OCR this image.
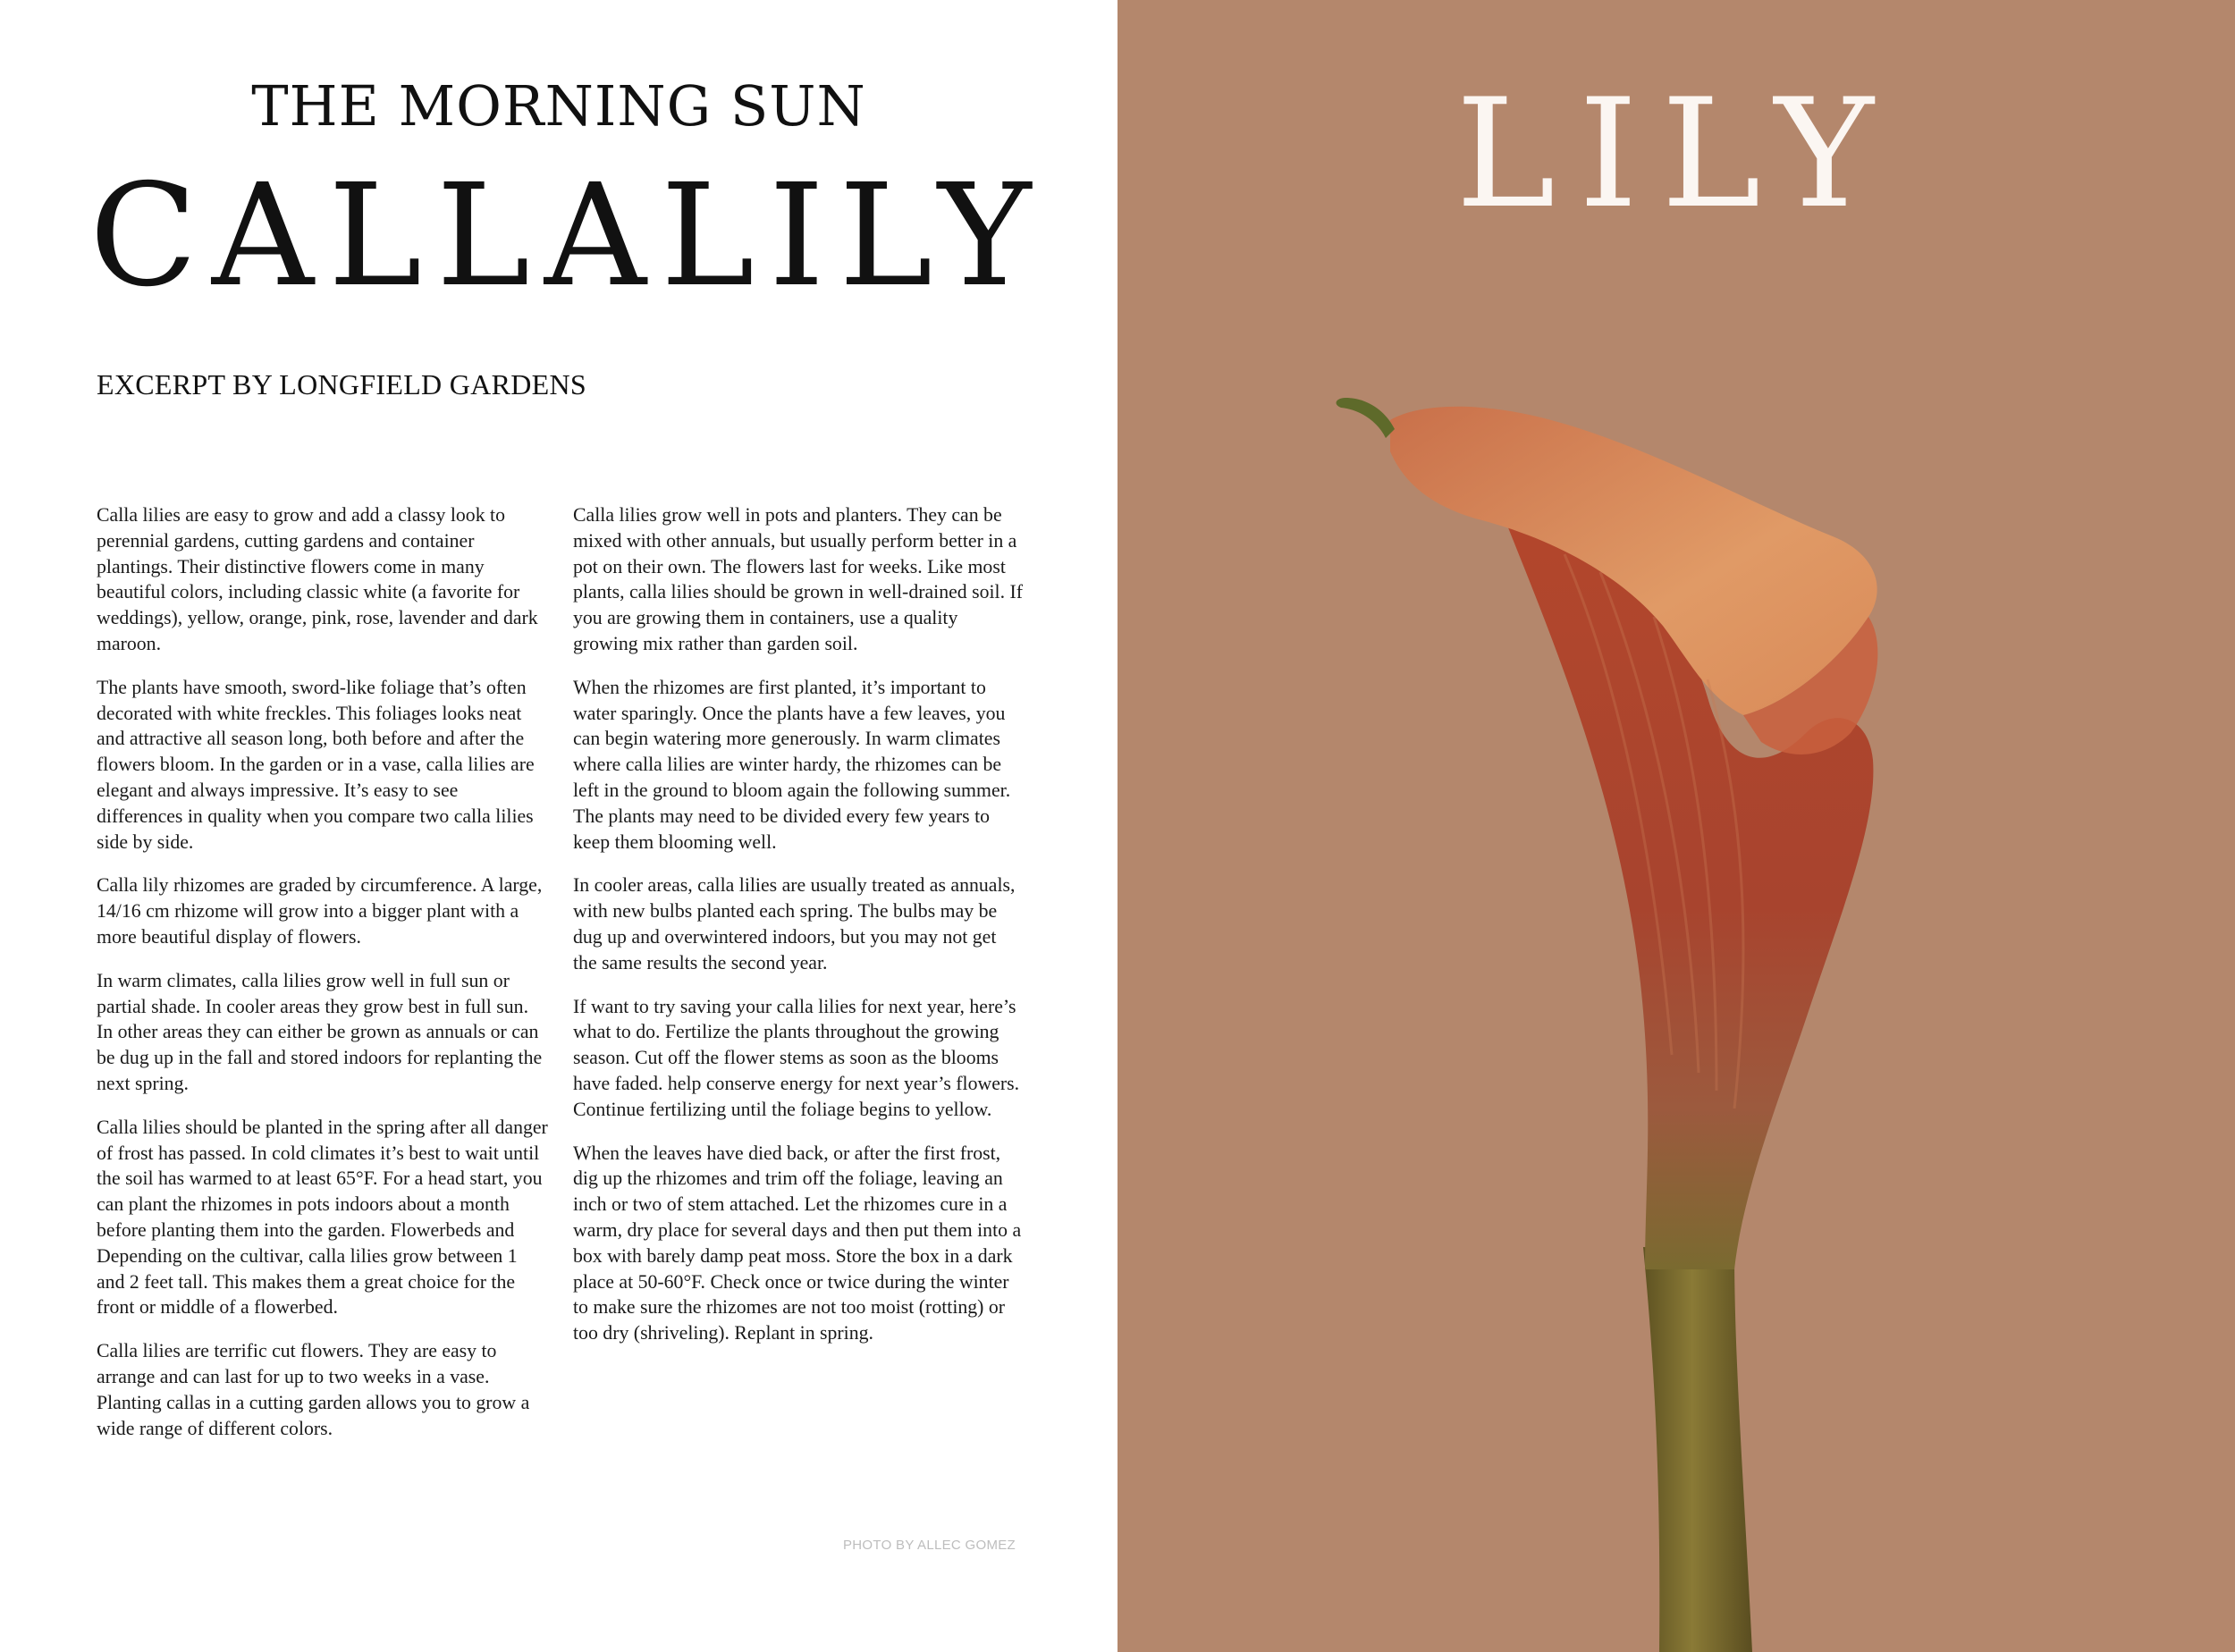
THE MORNING SUN
CALLALILY

EXCERPT BY LONGFIELD GARDENS

Calla lilies are easy to grow and add a classy look to perennial gardens, cutting gardens and container plantings. Their distinctive flowers come in many beautiful colors, including classic white (a favorite for weddings), yellow, orange, pink, rose, lavender and dark maroon.

The plants have smooth, sword-like foliage that’s often decorated with white freckles. This foliages looks neat and attractive all season long, both before and after the flowers bloom. In the garden or in a vase, calla lilies are elegant and always impressive. It’s easy to see differences in quality when you compare two calla lilies side by side.

Calla lily rhizomes are graded by circumference. A large, 14/16 cm rhizome will grow into a bigger plant with a more beautiful display of flowers.

In warm climates, calla lilies grow well in full sun or partial shade. In cooler areas they grow best in full sun. In other areas they can either be grown as annuals or can be dug up in the fall and stored indoors for replanting the next spring.

Calla lilies should be planted in the spring after all danger of frost has passed. In cold climates it’s best to wait until the soil has warmed to at least 65°F. For a head start, you can plant the rhizomes in pots indoors about a month before planting them into the garden. Flowerbeds and Depending on the cultivar, calla lilies grow between 1 and 2 feet tall. This makes them a great choice for the front or middle of a flowerbed.

Calla lilies are terrific cut flowers. They are easy to arrange and can last for up to two weeks in a vase. Planting callas in a cutting garden allows you to grow a wide range of different colors.

Calla lilies grow well in pots and planters. They can be mixed with other annuals, but usually perform better in a pot on their own. The flowers last for weeks. Like most plants, calla lilies should be grown in well-drained soil. If you are growing them in containers, use a quality growing mix rather than garden soil.

When the rhizomes are first planted, it’s important to water sparingly. Once the plants have a few leaves, you can begin watering more generously. In warm climates where calla lilies are winter hardy, the rhizomes can be left in the ground to bloom again the following summer. The plants may need to be divided every few years to keep them blooming well.

In cooler areas, calla lilies are usually treated as annuals, with new bulbs planted each spring. The bulbs may be dug up and overwintered indoors, but you may not get the same results the second year.

If want to try saving your calla lilies for next year, here’s what to do. Fertilize the plants throughout the growing season. Cut off the flower stems as soon as the blooms have faded. help conserve energy for next year’s flowers. Continue fertilizing until the foliage begins to yellow.

When the leaves have died back, or after the first frost, dig up the rhizomes and trim off the foliage, leaving an inch or two of stem attached. Let the rhizomes cure in a warm, dry place for several days and then put them into a box with barely damp peat moss. Store the box in a dark place at 50-60°F. Check once or twice during the winter to make sure the rhizomes are not too moist (rotting) or too dry (shriveling). Replant in spring.

PHOTO BY ALLEC GOMEZ

LILY
